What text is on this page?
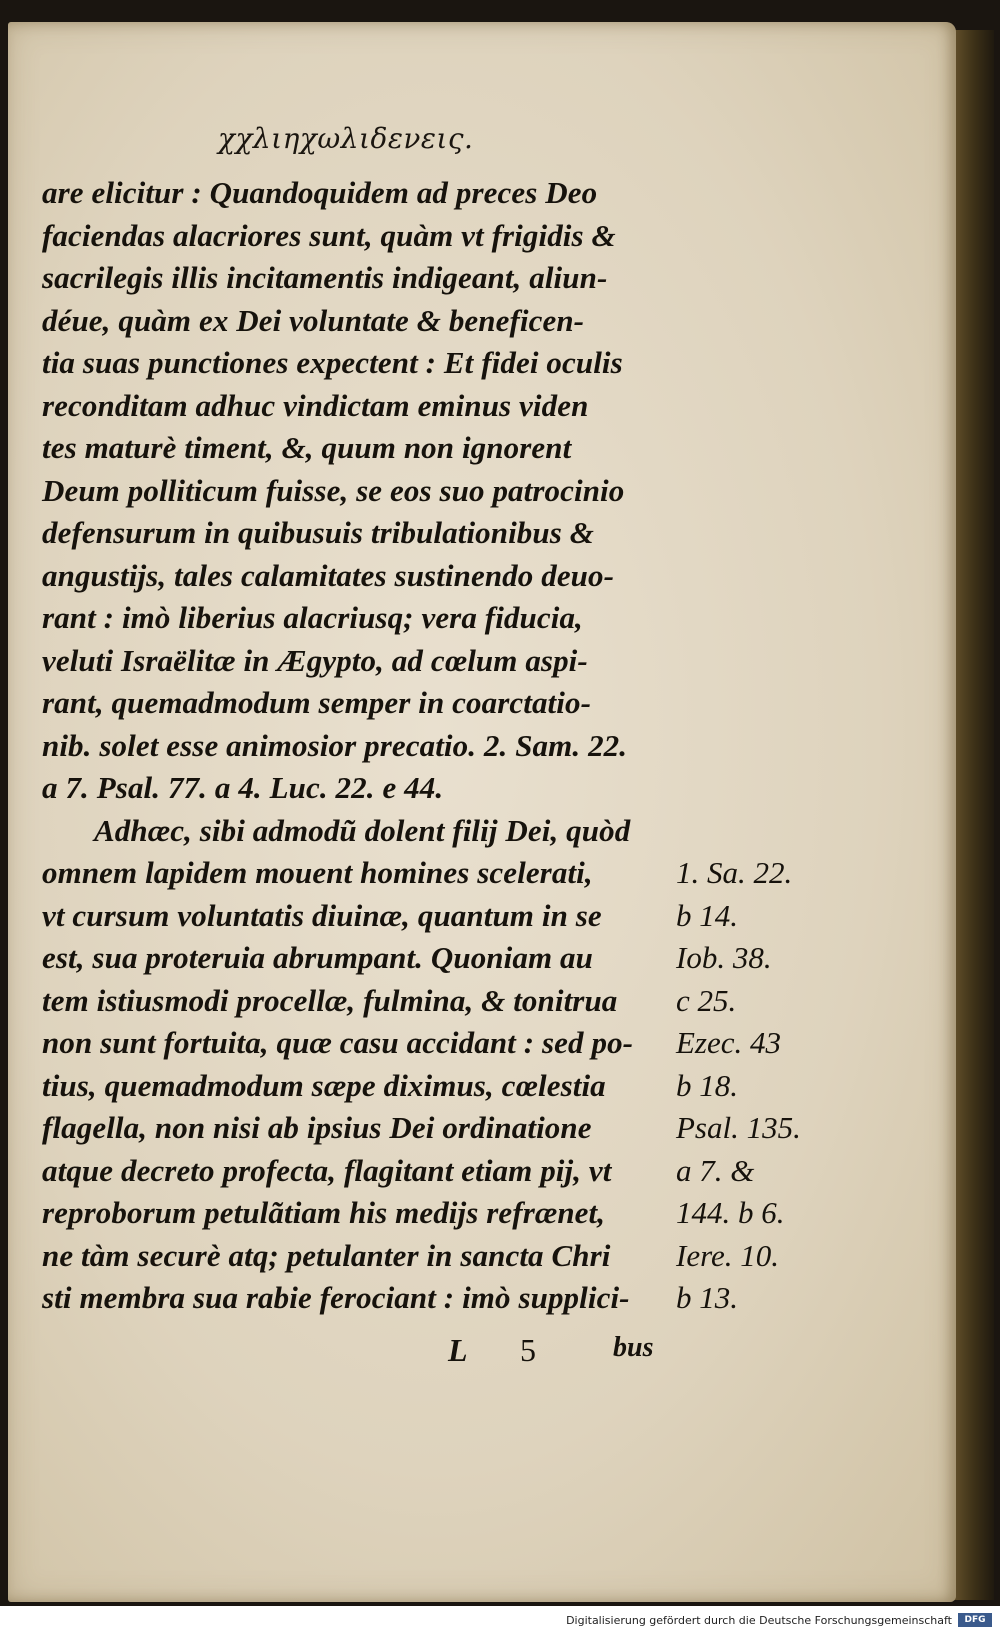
χχλιηχωλιδενεις.
are elicitur : Quandoquidem ad preces Deo
faciendas alacriores sunt, quàm vt frigidis &
sacrilegis illis incitamentis indigeant, aliun-
déue, quàm ex Dei voluntate & beneficen-
tia suas punctiones expectent : Et fidei oculis
reconditam adhuc vindictam eminus viden
tes maturè timent, &, quum non ignorent
Deum polliticum fuisse, se eos suo patrocinio
defensurum in quibusuis tribulationibus &
angustijs, tales calamitates sustinendo deuo-
rant : imò liberius alacriusq; vera fiducia,
veluti Israëlitæ in Ægypto, ad cœlum aspi-
rant, quemadmodum semper in coarctatio-
nib. solet esse animosior precatio. 2. Sam. 22.
a 7. Psal. 77. a 4. Luc. 22. e 44.
Adhæc, sibi admodũ dolent filij Dei, quòd
omnem lapidem mouent homines scelerati,
vt cursum voluntatis diuinæ, quantum in se
est, sua proteruia abrumpant. Quoniam au
tem istiusmodi procellæ, fulmina, & tonitrua
non sunt fortuita, quæ casu accidant : sed po-
tius, quemadmodum sæpe diximus, cœlestia
flagella, non nisi ab ipsius Dei ordinatione
atque decreto profecta, flagitant etiam pij, vt
reproborum petulãtiam his medijs refrænet,
ne tàm securè atq; petulanter in sancta Chri
sti membra sua rabie ferociant : imò supplici-
1. Sa. 22.
b 14.
Iob. 38.
c 25.
Ezec. 43
b 18.
Psal. 135.
a 7. &
144. b 6.
Iere. 10.
b 13.
L 5	bus
Digitalisierung gefördert durch die Deutsche Forschungsgemeinschaft	DFG
